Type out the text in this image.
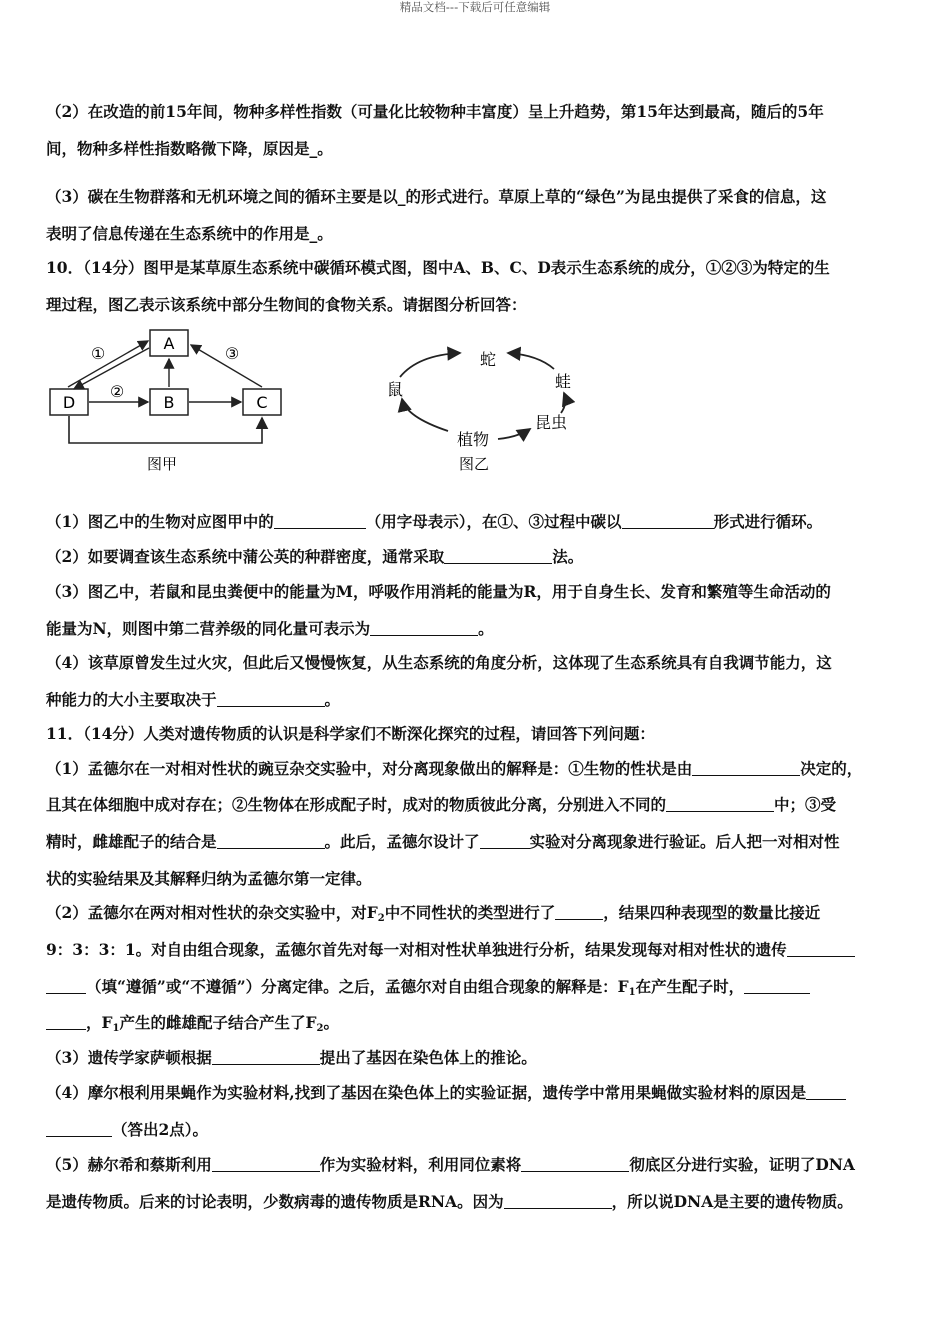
精品文档---下载后可任意编辑
（2）在改造的前15年间，物种多样性指数（可量化比较物种丰富度）呈上升趋势，第15年达到最高，随后的5年
间，物种多样性指数略微下降，原因是_。
（3）碳在生物群落和无机环境之间的循环主要是以_的形式进行。草原上草的“绿色”为昆虫提供了采食的信息，这
表明了信息传递在生态系统中的作用是_。
10．（14分）图甲是某草原生态系统中碳循环模式图，图中A、B、C、D表示生态系统的成分，①②③为特定的生
理过程，图乙表示该系统中部分生物间的食物关系。请据图分析回答：
A
B	C
D
①
②
③
图甲
蛇
蛙
昆虫
植物
鼠
图乙
（1）图乙中的生物对应图甲中的	（用字母表示），在①、③过程中碳以	形式进行循环。
（2）如要调查该生态系统中蒲公英的种群密度，通常采取	法。
（3）图乙中，若鼠和昆虫粪便中的能量为M，呼吸作用消耗的能量为R，用于自身生长、发育和繁殖等生命活动的
能量为N，则图中第二营养级的同化量可表示为	。
（4）该草原曾发生过火灾，但此后又慢慢恢复，从生态系统的角度分析，这体现了生态系统具有自我调节能力，这
种能力的大小主要取决于	。
11．（14分）人类对遗传物质的认识是科学家们不断深化探究的过程，请回答下列问题：
（1）孟德尔在一对相对性状的豌豆杂交实验中，对分离现象做出的解释是：①生物的性状是由	决定的，
且其在体细胞中成对存在；②生物体在形成配子时，成对的物质彼此分离，分别进入不同的	中；③受
精时，雌雄配子的结合是	。此后，孟德尔设计了	实验对分离现象进行验证。后人把一对相对性
状的实验结果及其解释归纳为孟德尔第一定律。
（2）孟德尔在两对相对性状的杂交实验中，对$F_2$中不同性状的类型进行了	，结果四种表现型的数量比接近
9：3：3：1。对自由组合现象，孟德尔首先对每一对相对性状单独进行分析，结果发现每对相对性状的遗传
（填“遵循”或“不遵循”）分离定律。之后，孟德尔对自由组合现象的解释是：$F_1$在产生配子时，
，$F_1$产生的雌雄配子结合产生了$F_2$。
（3）遗传学家萨顿根据	提出了基因在染色体上的推论。
（4）摩尔根利用果蝇作为实验材料,找到了基因在染色体上的实验证据，遗传学中常用果蝇做实验材料的原因是
（答出2点）。
（5）赫尔希和蔡斯利用	作为实验材料，利用同位素将	彻底区分进行实验，证明了DNA
是遗传物质。后来的讨论表明，少数病毒的遗传物质是RNA。因为	，所以说DNA是主要的遗传物质。
